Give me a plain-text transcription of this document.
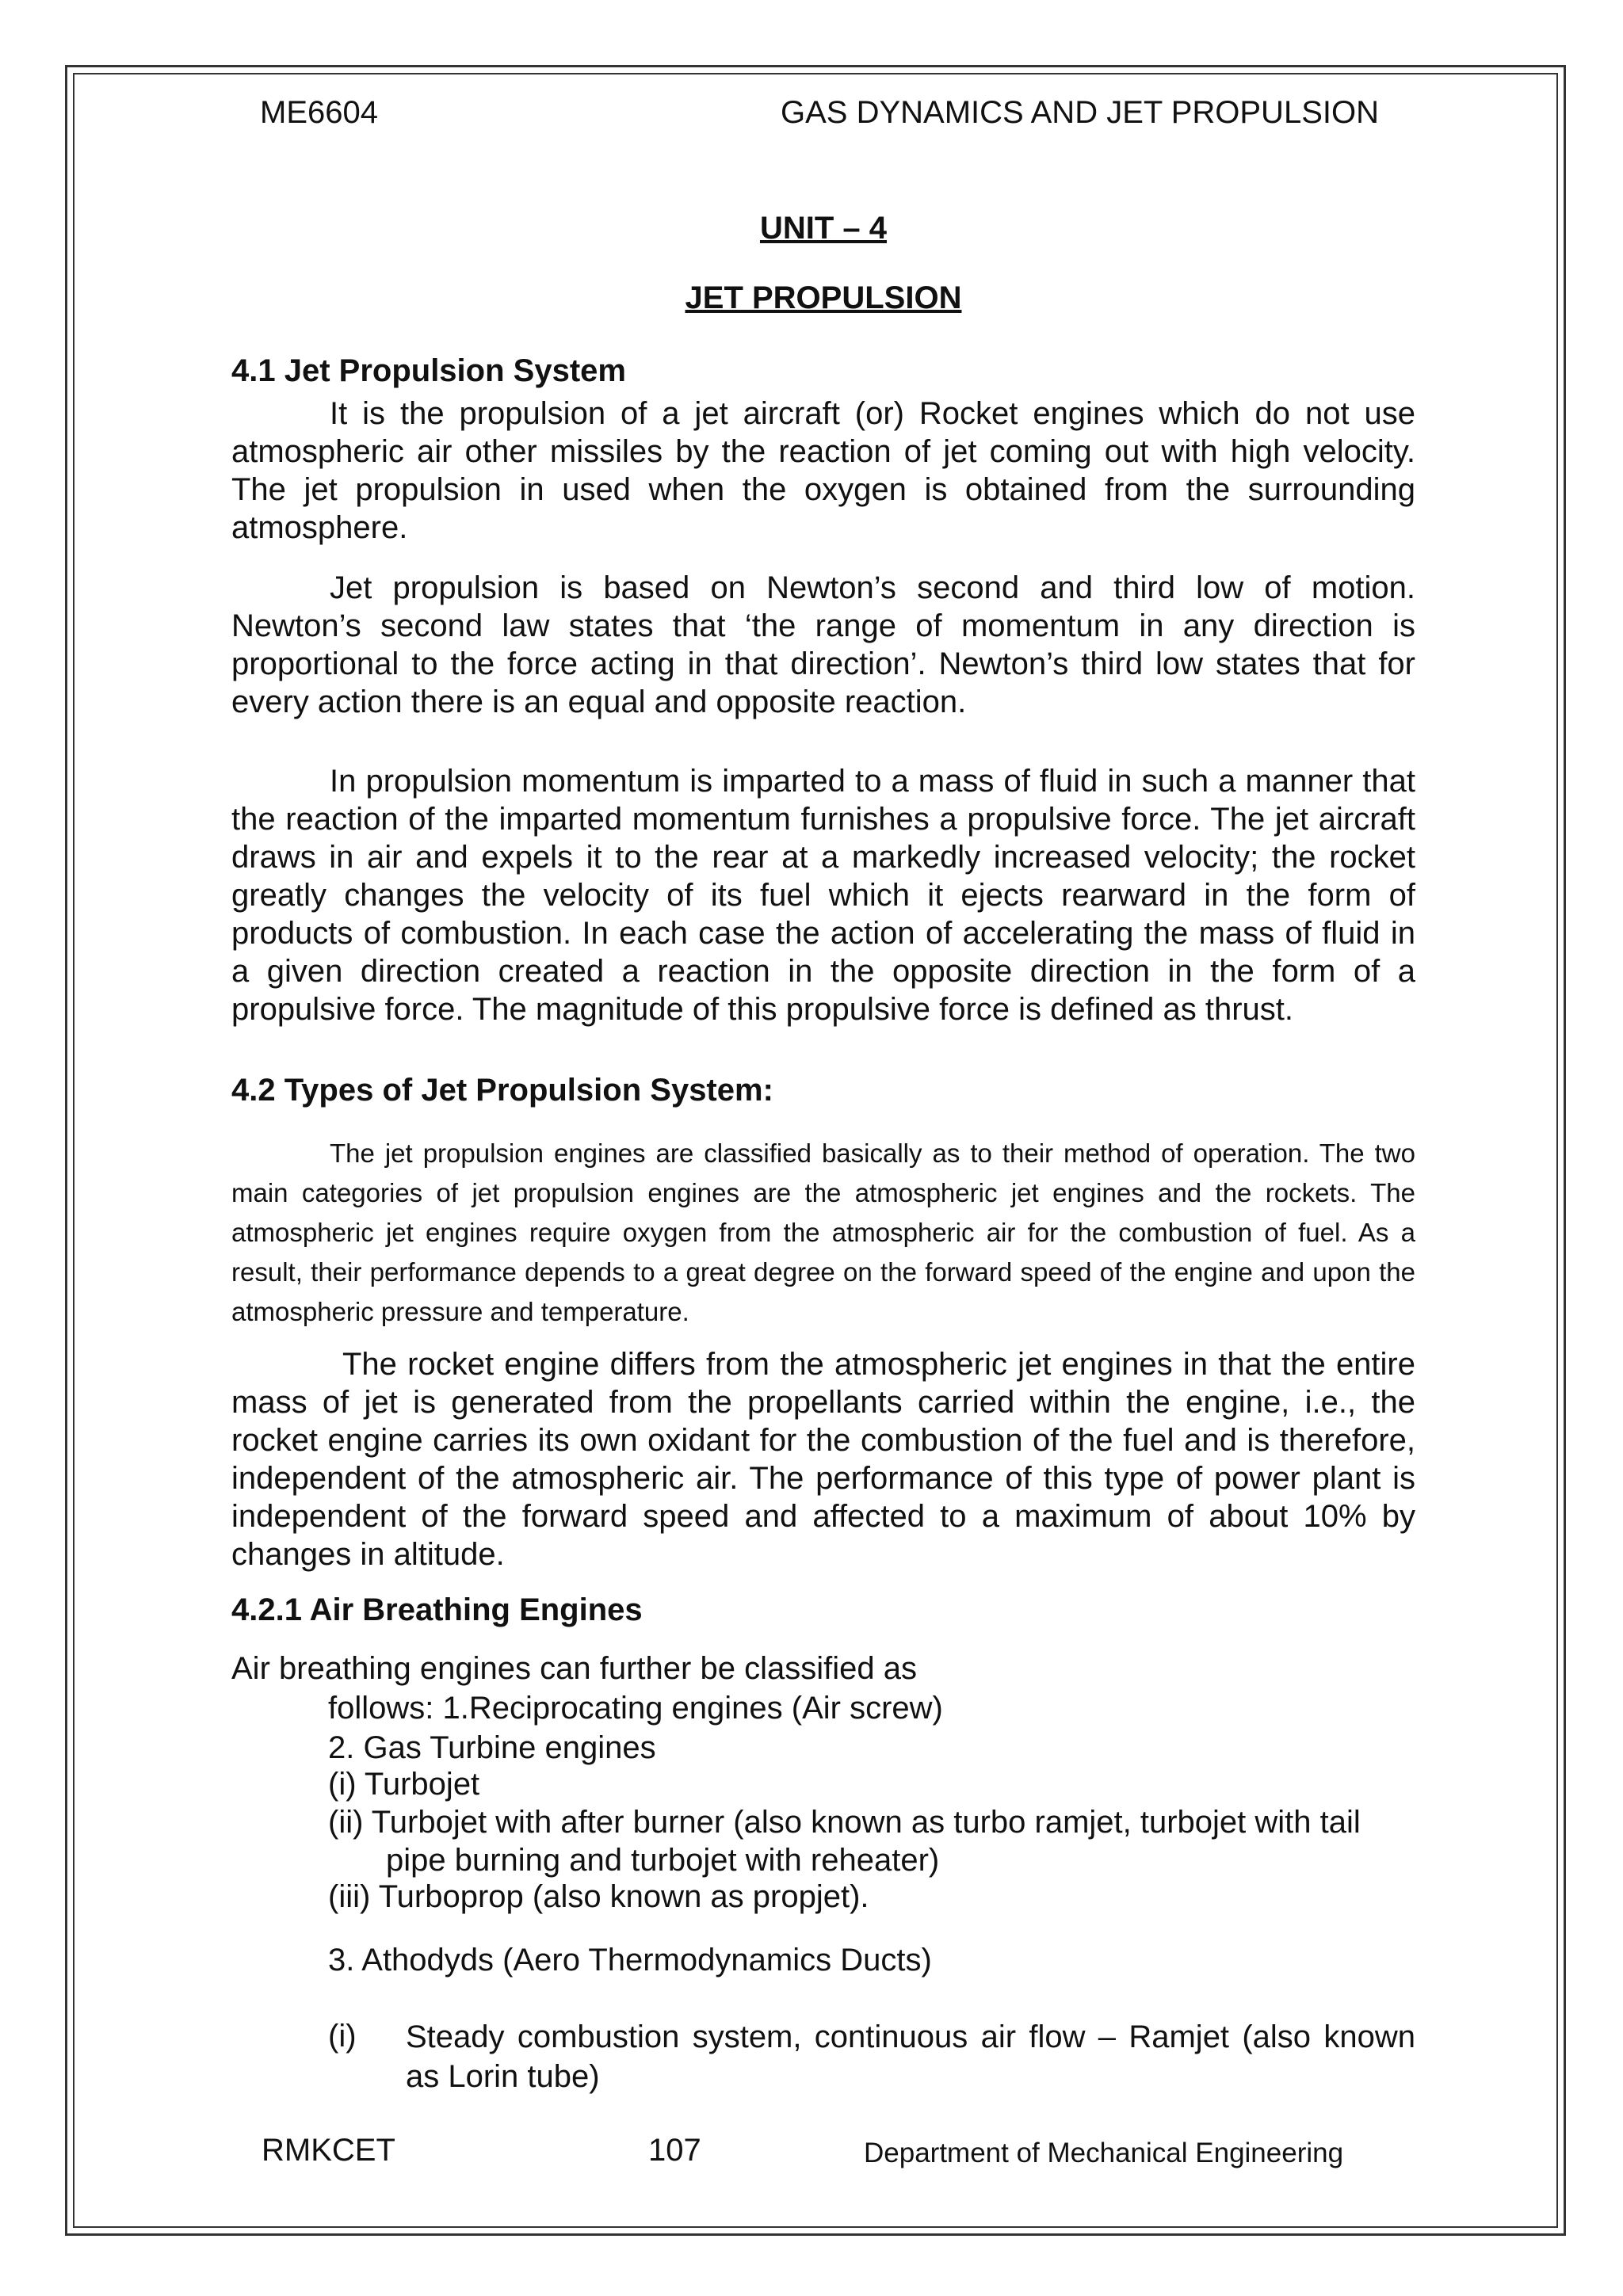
ME6604	GAS DYNAMICS AND JET PROPULSION
UNIT – 4
JET PROPULSION
4.1 Jet Propulsion System
It is the propulsion of a jet aircraft (or) Rocket engines which do not use atmospheric air other missiles by the reaction of jet coming out with high velocity. The jet propulsion in used when the oxygen is obtained from the surrounding atmosphere.
Jet propulsion is based on Newton’s second and third low of motion. Newton’s second law states that ‘the range of momentum in any direction is proportional to the force acting in that direction’. Newton’s third low states that for every action there is an equal and opposite reaction.
In propulsion momentum is imparted to a mass of fluid in such a manner that the reaction of the imparted momentum furnishes a propulsive force. The jet aircraft draws in air and expels it to the rear at a markedly increased velocity; the rocket greatly changes the velocity of its fuel which it ejects rearward in the form of products of combustion. In each case the action of accelerating the mass of fluid in a given direction created a reaction in the opposite direction in the form of a propulsive force. The magnitude of this propulsive force is defined as thrust.
4.2 Types of Jet Propulsion System:
The jet propulsion engines are classified basically as to their method of operation. The two main categories of jet propulsion engines are the atmospheric jet engines and the rockets. The atmospheric jet engines require oxygen from the atmospheric air for the combustion of fuel. As a result, their performance depends to a great degree on the forward speed of the engine and upon the atmospheric pressure and temperature.
The rocket engine differs from the atmospheric jet engines in that the entire mass of jet is generated from the propellants carried within the engine, i.e., the rocket engine carries its own oxidant for the combustion of the fuel and is therefore, independent of the atmospheric air. The performance of this type of power plant is independent of the forward speed and affected to a maximum of about 10% by changes in altitude.
4.2.1 Air Breathing Engines
Air breathing engines can further be classified as
follows: 1.Reciprocating engines (Air screw)
2. Gas Turbine engines
(i) Turbojet
(ii) Turbojet with after burner (also known as turbo ramjet, turbojet with tail
pipe burning and turbojet with reheater)
(iii) Turboprop (also known as propjet).
3. Athodyds (Aero Thermodynamics Ducts)
(i) Steady combustion system, continuous air flow – Ramjet (also known as Lorin tube)
RMKCET	107	Department of Mechanical Engineering
